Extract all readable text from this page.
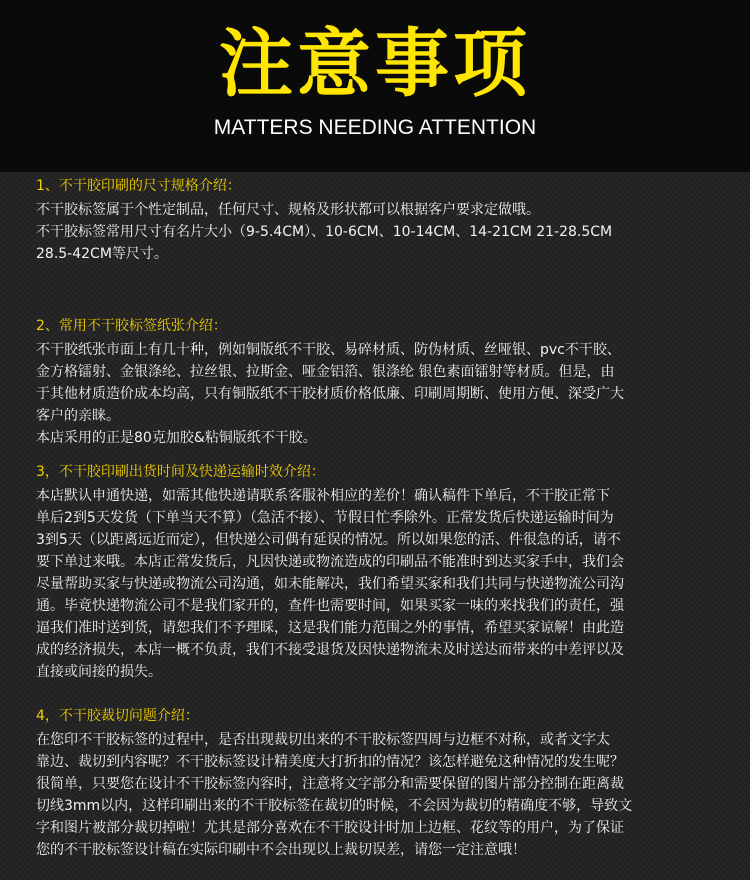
注意事项
MATTERS NEEDING ATTENTION
1、不干胶印刷的尺寸规格介绍：
不干胶标签属于个性定制品，任何尺寸、规格及形状都可以根据客户要求定做哦。
不干胶标签常用尺寸有名片大小（9-5.4CM）、10-6CM、10-14CM、14-21CM 21-28.5CM
28.5-42CM等尺寸。
2、常用不干胶标签纸张介绍：
不干胶纸张市面上有几十种，例如铜版纸不干胶、易碎材质、防伪材质、丝哑银、pvc不干胶、
金方格镭射、金银涤纶、拉丝银、拉斯金、哑金铝箔、银涤纶 银色素面镭射等材质。但是，由
于其他材质造价成本均高，只有铜版纸不干胶材质价格低廉、印刷周期断、使用方便、深受广大
客户的亲睐。
本店采用的正是80克加胶&粘铜版纸不干胶。
3，不干胶印刷出货时间及快递运输时效介绍：
本店默认申通快递，如需其他快递请联系客服补相应的差价！确认稿件下单后，不干胶正常下
单后2到5天发货（下单当天不算）（急活不接）、节假日忙季除外。正常发货后快递运输时间为
3到5天（以距离远近而定），但快递公司偶有延误的情况。所以如果您的活、件很急的话，请不
要下单过来哦。本店正常发货后，凡因快递或物流造成的印刷品不能准时到达买家手中，我们会
尽量帮助买家与快递或物流公司沟通，如未能解决，我们希望买家和我们共同与快递物流公司沟
通。毕竟快递物流公司不是我们家开的，查件也需要时间，如果买家一味的来找我们的责任，强
逼我们准时送到货，请恕我们不予理睬，这是我们能力范围之外的事情，希望买家谅解！由此造
成的经济损失，本店一概不负责，我们不接受退货及因快递物流未及时送达而带来的中差评以及
直接或间接的损失。
4，不干胶裁切问题介绍：
在您印不干胶标签的过程中，是否出现裁切出来的不干胶标签四周与边框不对称，或者文字太
靠边、裁切到内容呢？不干胶标签设计精美度大打折扣的情况？该怎样避免这种情况的发生呢？
很简单，只要您在设计不干胶标签内容时，注意将文字部分和需要保留的图片部分控制在距离裁
切线3mm以内，这样印刷出来的不干胶标签在裁切的时候，不会因为裁切的精确度不够，导致文
字和图片被部分裁切掉啦！尤其是部分喜欢在不干胶设计时加上边框、花纹等的用户，为了保证
您的不干胶标签设计稿在实际印刷中不会出现以上裁切误差，请您一定注意哦！
